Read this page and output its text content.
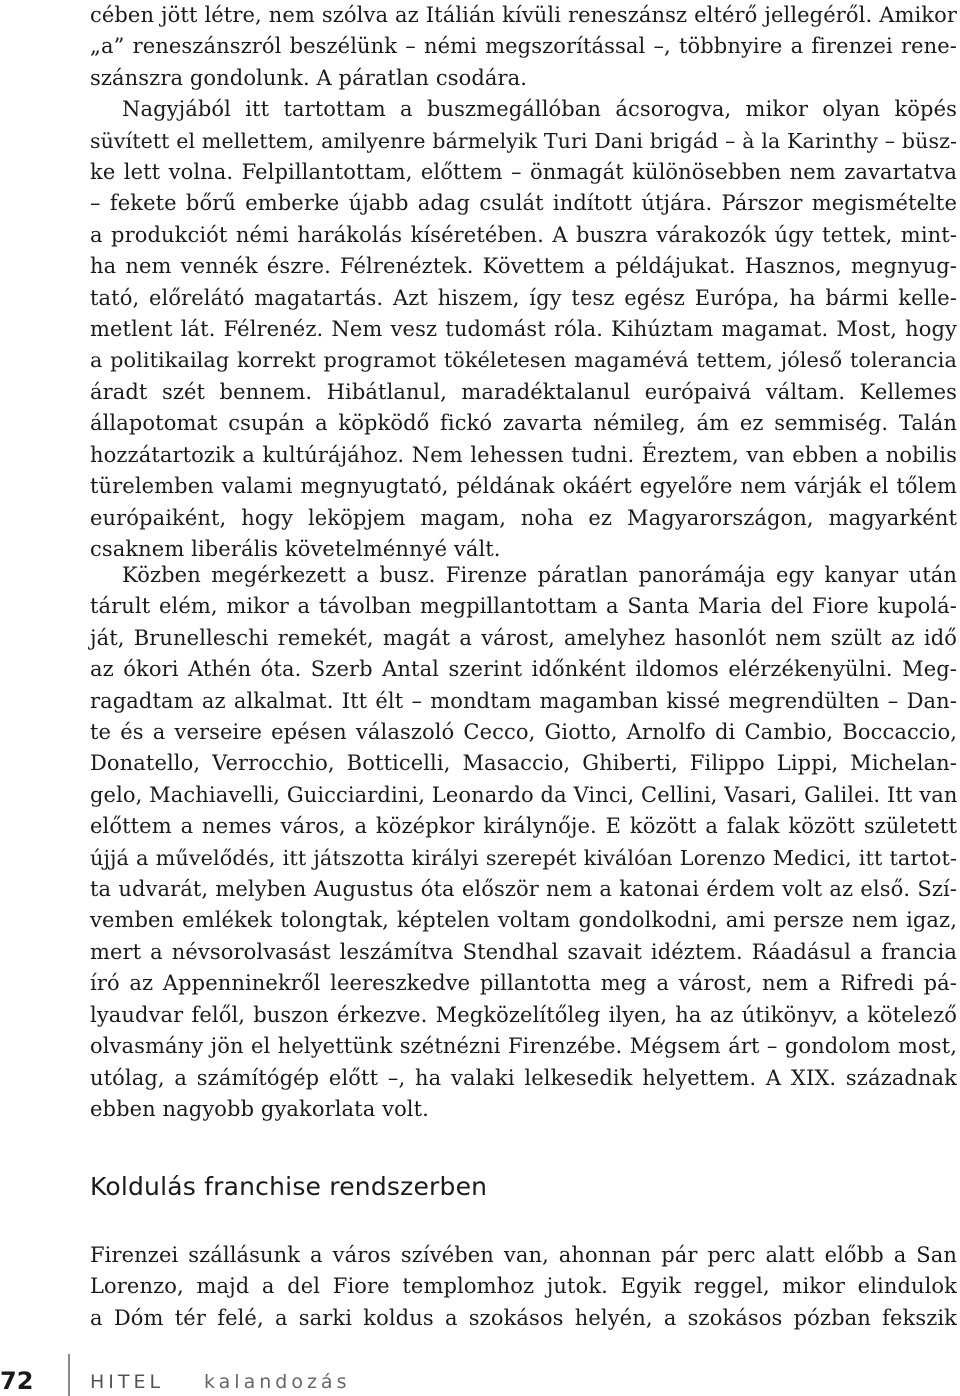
cében jött létre, nem szólva az Itálián kívüli reneszánsz eltérő jellegéről. Amikor
„a” reneszánszról beszélünk – némi megszorítással –, többnyire a firenzei rene-
szánszra gondolunk. A páratlan csodára.

Nagyjából itt tartottam a buszmegállóban ácsorogva, mikor olyan köpés
süvített el mellettem, amilyenre bármelyik Turi Dani brigád – à la Karinthy – büsz-
ke lett volna. Felpillantottam, előttem – önmagát különösebben nem zavartatva
– fekete bőrű emberke újabb adag csulát indított útjára. Párszor megismételte
a produkciót némi harákolás kíséretében. A buszra várakozók úgy tettek, mint-
ha nem vennék észre. Félrenéztek. Követtem a példájukat. Hasznos, megnyug-
tató, előrelátó magatartás. Azt hiszem, így tesz egész Európa, ha bármi kelle-
metlent lát. Félrenéz. Nem vesz tudomást róla. Kihúztam magamat. Most, hogy
a politikailag korrekt programot tökéletesen magamévá tettem, jóleső tolerancia
áradt szét bennem. Hibátlanul, maradéktalanul európaivá váltam. Kellemes
állapotomat csupán a köpködő fickó zavarta némileg, ám ez semmiség. Talán
hozzátartozik a kultúrájához. Nem lehessen tudni. Éreztem, van ebben a nobilis
türelemben valami megnyugtató, példának okáért egyelőre nem várják el tőlem
európaiként, hogy leköpjem magam, noha ez Magyarországon, magyarként
csaknem liberális követelménnyé vált.

Közben megérkezett a busz. Firenze páratlan panorámája egy kanyar után
tárult elém, mikor a távolban megpillantottam a Santa Maria del Fiore kupolá-
ját, Brunelleschi remekét, magát a várost, amelyhez hasonlót nem szült az idő
az ókori Athén óta. Szerb Antal szerint időnként ildomos elérzékenyülni. Meg-
ragadtam az alkalmat. Itt élt – mondtam magamban kissé megrendülten – Dan-
te és a verseire epésen válaszoló Cecco, Giotto, Arnolfo di Cambio, Boccaccio,
Donatello, Verrocchio, Botticelli, Masaccio, Ghiberti, Filippo Lippi, Michelan-
gelo, Machiavelli, Guicciardini, Leonardo da Vinci, Cellini, Vasari, Galilei. Itt van
előttem a nemes város, a középkor királynője. E között a falak között született
újjá a művelődés, itt játszotta királyi szerepét kiválóan Lorenzo Medici, itt tartot-
ta udvarát, melyben Augustus óta először nem a katonai érdem volt az első. Szí-
vemben emlékek tolongtak, képtelen voltam gondolkodni, ami persze nem igaz,
mert a névsorolvasást leszámítva Stendhal szavait idéztem. Ráadásul a francia
író az Appenninekről leereszkedve pillantotta meg a várost, nem a Rifredi pá-
lyaudvar felől, buszon érkezve. Megközelítőleg ilyen, ha az útikönyv, a kötelező
olvasmány jön el helyettünk szétnézni Firenzébe. Mégsem árt – gondolom most,
utólag, a számítógép előtt –, ha valaki lelkesedik helyettem. A XIX. századnak
ebben nagyobb gyakorlata volt.

Koldulás franchise rendszerben

Firenzei szállásunk a város szívében van, ahonnan pár perc alatt előbb a San
Lorenzo, majd a del Fiore templomhoz jutok. Egyik reggel, mikor elindulok
a Dóm tér felé, a sarki koldus a szokásos helyén, a szokásos pózban fekszik

72	HITEL kalandozás
